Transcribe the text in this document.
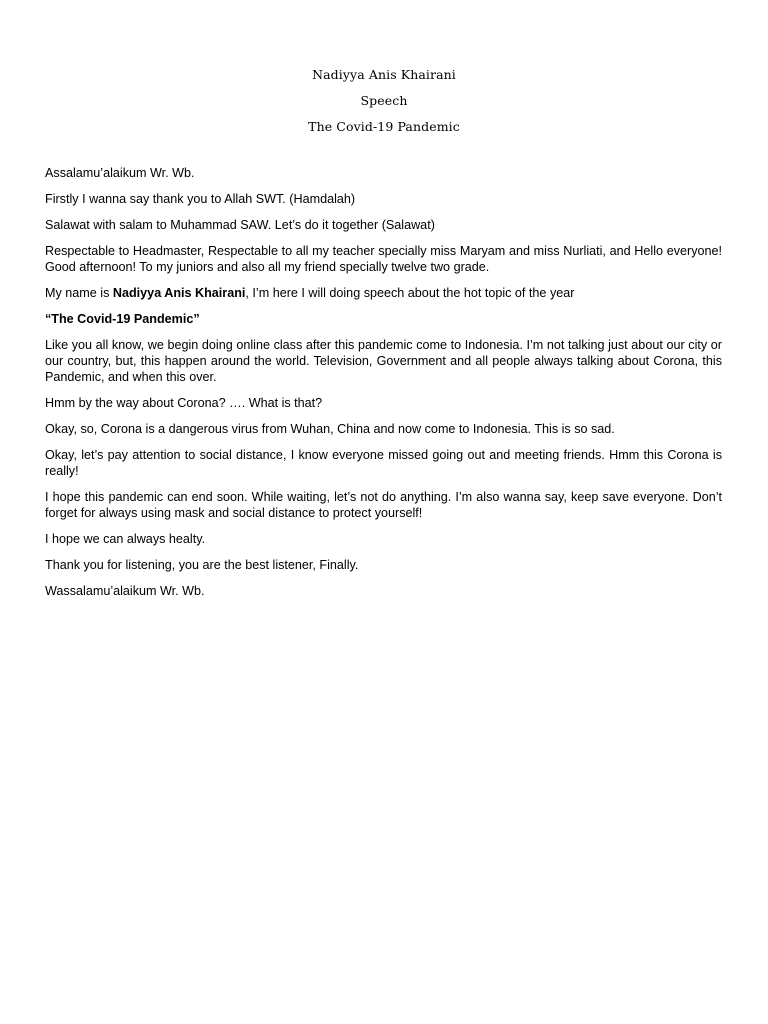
Nadiyya Anis Khairani
Speech
The Covid-19 Pandemic

Assalamu’alaikum Wr. Wb.

Firstly I wanna say thank you to Allah SWT. (Hamdalah)

Salawat with salam to Muhammad SAW. Let’s do it together (Salawat)

Respectable to Headmaster, Respectable to all my teacher specially miss Maryam and miss Nurliati, and Hello everyone! Good afternoon! To my juniors and also all my friend specially twelve two grade.

My name is Nadiyya Anis Khairani, I’m here I will doing speech about the hot topic of the year

“The Covid-19 Pandemic”

Like you all know, we begin doing online class after this pandemic come to Indonesia. I’m not talking just about our city or our country, but, this happen around the world. Television, Government and all people always talking about Corona, this Pandemic, and when this over.

Hmm by the way about Corona? …. What is that?

Okay, so, Corona is a dangerous virus from Wuhan, China and now come to Indonesia. This is so sad.

Okay, let’s pay attention to social distance, I know everyone missed going out and meeting friends. Hmm this Corona is really!

I hope this pandemic can end soon. While waiting, let’s not do anything. I’m also wanna say, keep save everyone. Don’t forget for always using mask and social distance to protect yourself!

I hope we can always healty.

Thank you for listening, you are the best listener, Finally.

Wassalamu’alaikum Wr. Wb.
